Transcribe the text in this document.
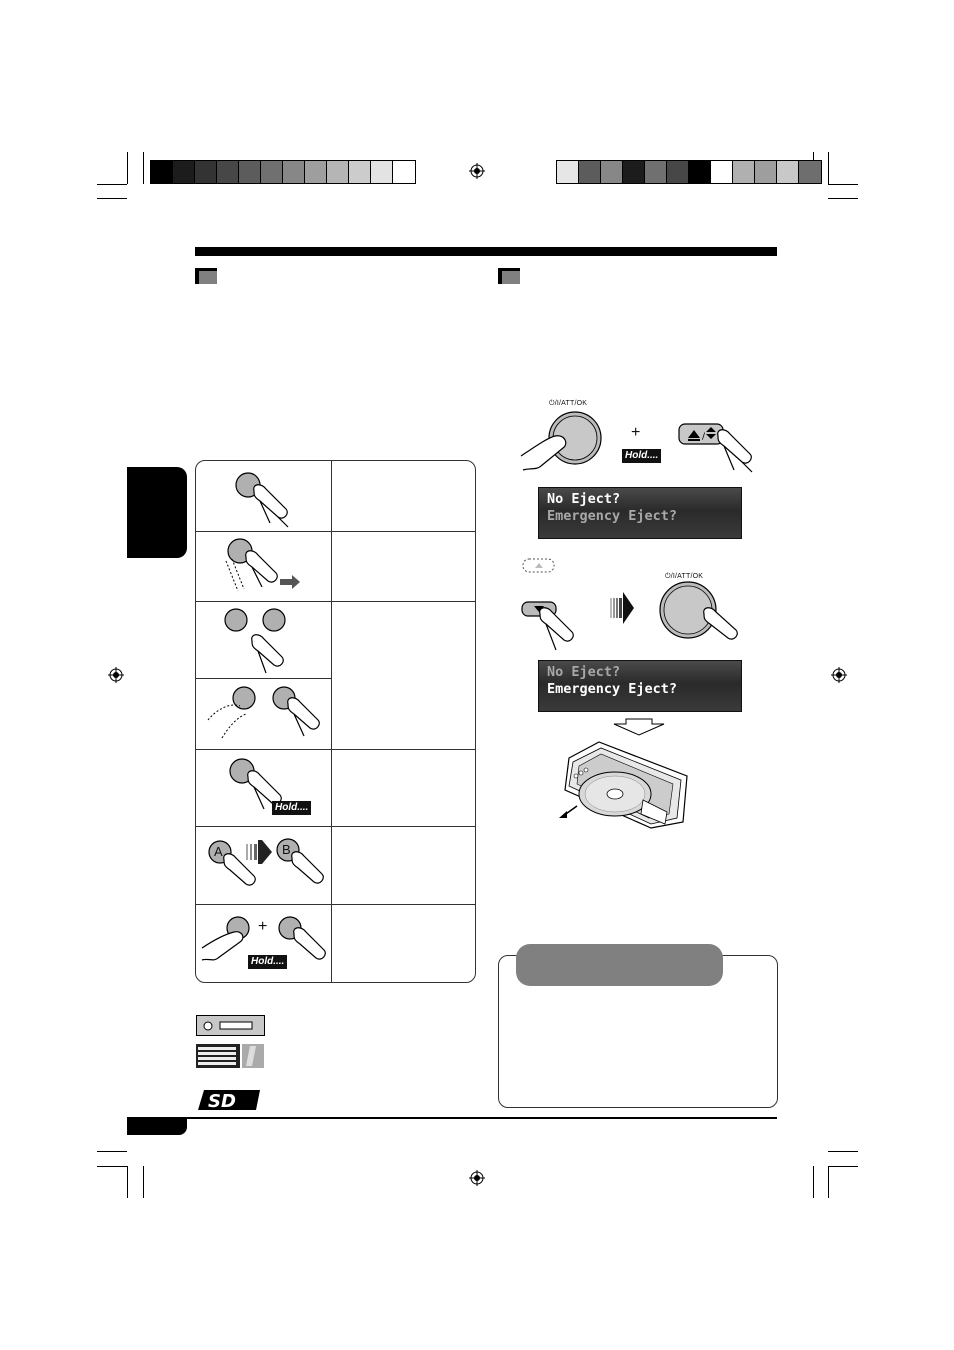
Hold....
A	B
+
Hold....
SD
⏻/I/ATT/OK
+
Hold....
/
No Eject?
Emergency Eject?
⏻/I/ATT/OK
No Eject?
Emergency Eject?
